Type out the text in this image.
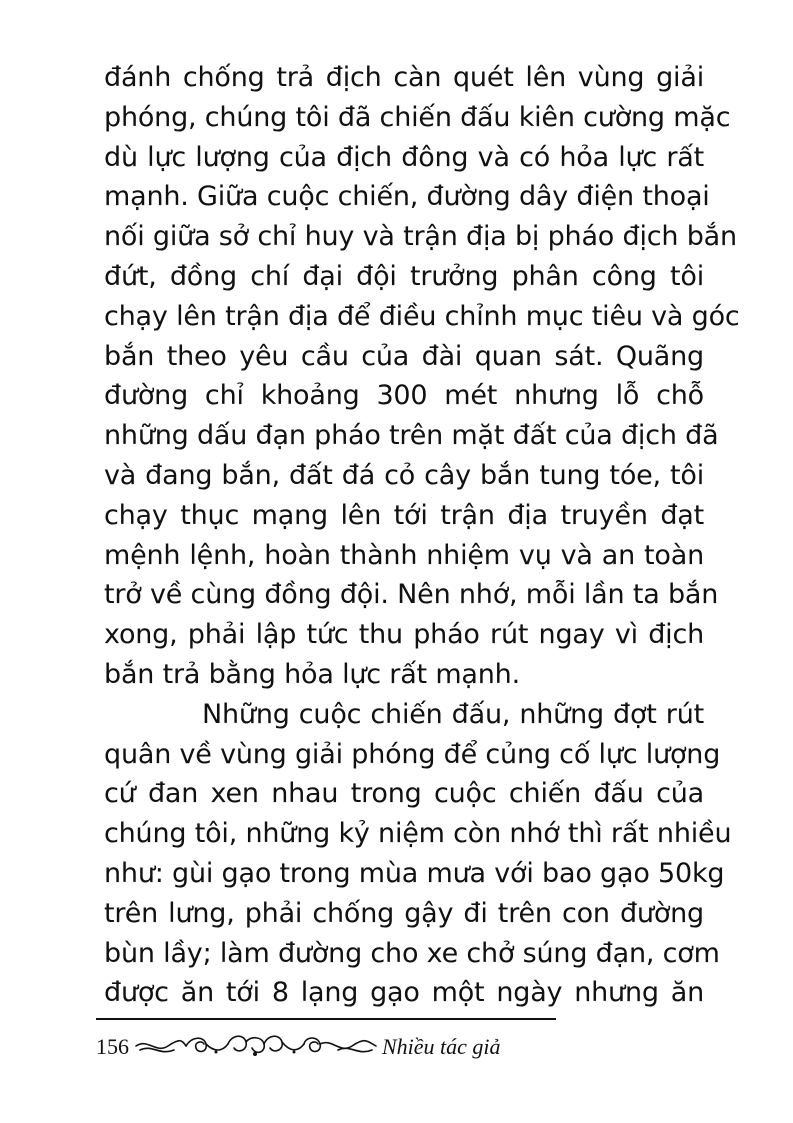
đánh chống trả địch càn quét lên vùng giải
phóng, chúng tôi đã chiến đấu kiên cường mặc
dù lực lượng của địch đông và có hỏa lực rất
mạnh. Giữa cuộc chiến, đường dây điện thoại
nối giữa sở chỉ huy và trận địa bị pháo địch bắn
đứt, đồng chí đại đội trưởng phân công tôi
chạy lên trận địa để điều chỉnh mục tiêu và góc
bắn theo yêu cầu của đài quan sát. Quãng
đường chỉ khoảng 300 mét nhưng lỗ chỗ
những dấu đạn pháo trên mặt đất của địch đã
và đang bắn, đất đá cỏ cây bắn tung tóe, tôi
chạy thục mạng lên tới trận địa truyền đạt
mệnh lệnh, hoàn thành nhiệm vụ và an toàn
trở về cùng đồng đội. Nên nhớ, mỗi lần ta bắn
xong, phải lập tức thu pháo rút ngay vì địch
bắn trả bằng hỏa lực rất mạnh.
Những cuộc chiến đấu, những đợt rút
quân về vùng giải phóng để củng cố lực lượng
cứ đan xen nhau trong cuộc chiến đấu của
chúng tôi, những kỷ niệm còn nhớ thì rất nhiều
như: gùi gạo trong mùa mưa với bao gạo 50kg
trên lưng, phải chống gậy đi trên con đường
bùn lầy; làm đường cho xe chở súng đạn, cơm
được ăn tới 8 lạng gạo một ngày nhưng ăn
156	Nhiều tác giả
